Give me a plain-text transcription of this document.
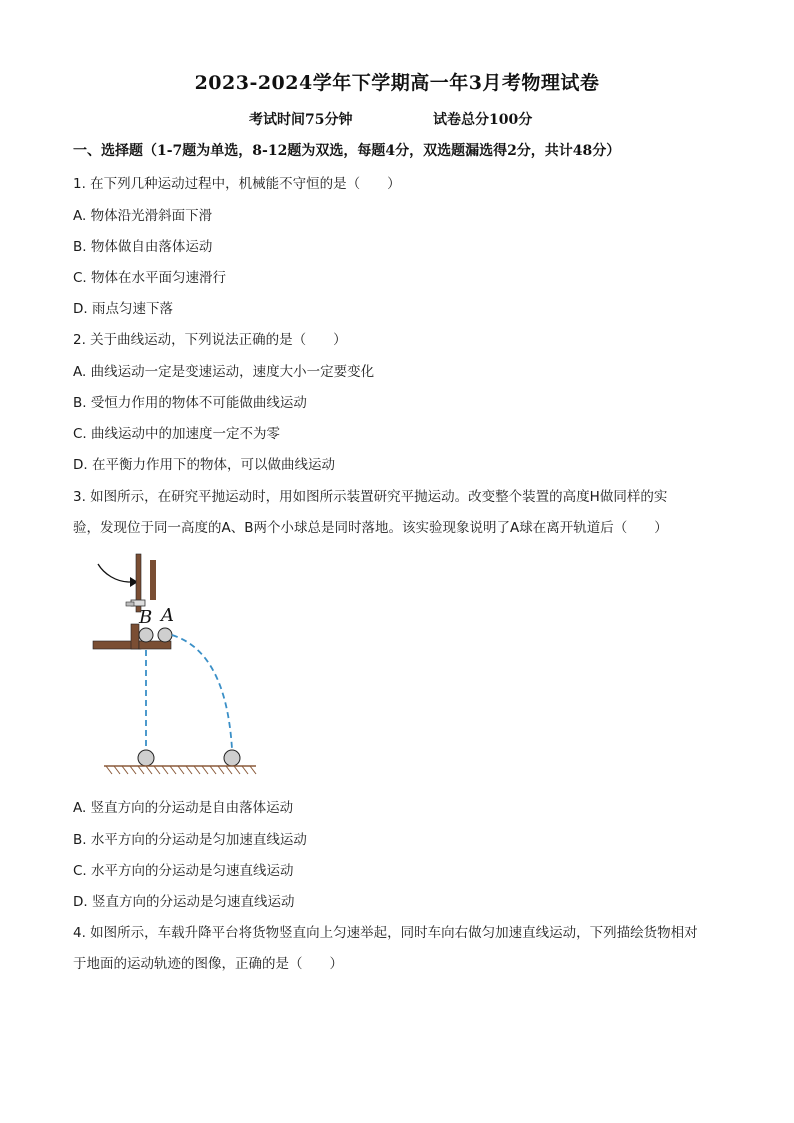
2023-2024学年下学期高一年3月考物理试卷
考试时间75分钟	试卷总分100分
一、选择题（1-7题为单选，8-12题为双选，每题4分，双选题漏选得2分，共计48分）
1. 在下列几种运动过程中，机械能不守恒的是（　　）
A. 物体沿光滑斜面下滑
B. 物体做自由落体运动
C. 物体在水平面匀速滑行
D. 雨点匀速下落
2. 关于曲线运动，下列说法正确的是（　　）
A. 曲线运动一定是变速运动，速度大小一定要变化
B. 受恒力作用的物体不可能做曲线运动
C. 曲线运动中的加速度一定不为零
D. 在平衡力作用下的物体，可以做曲线运动
3. 如图所示，在研究平抛运动时，用如图所示装置研究平抛运动。改变整个装置的高度H做同样的实
验，发现位于同一高度的A、B两个小球总是同时落地。该实验现象说明了A球在离开轨道后（　　）
B A
A. 竖直方向的分运动是自由落体运动
B. 水平方向的分运动是匀加速直线运动
C. 水平方向的分运动是匀速直线运动
D. 竖直方向的分运动是匀速直线运动
4. 如图所示，车载升降平台将货物竖直向上匀速举起，同时车向右做匀加速直线运动，下列描绘货物相对
于地面的运动轨迹的图像，正确的是（　　）
